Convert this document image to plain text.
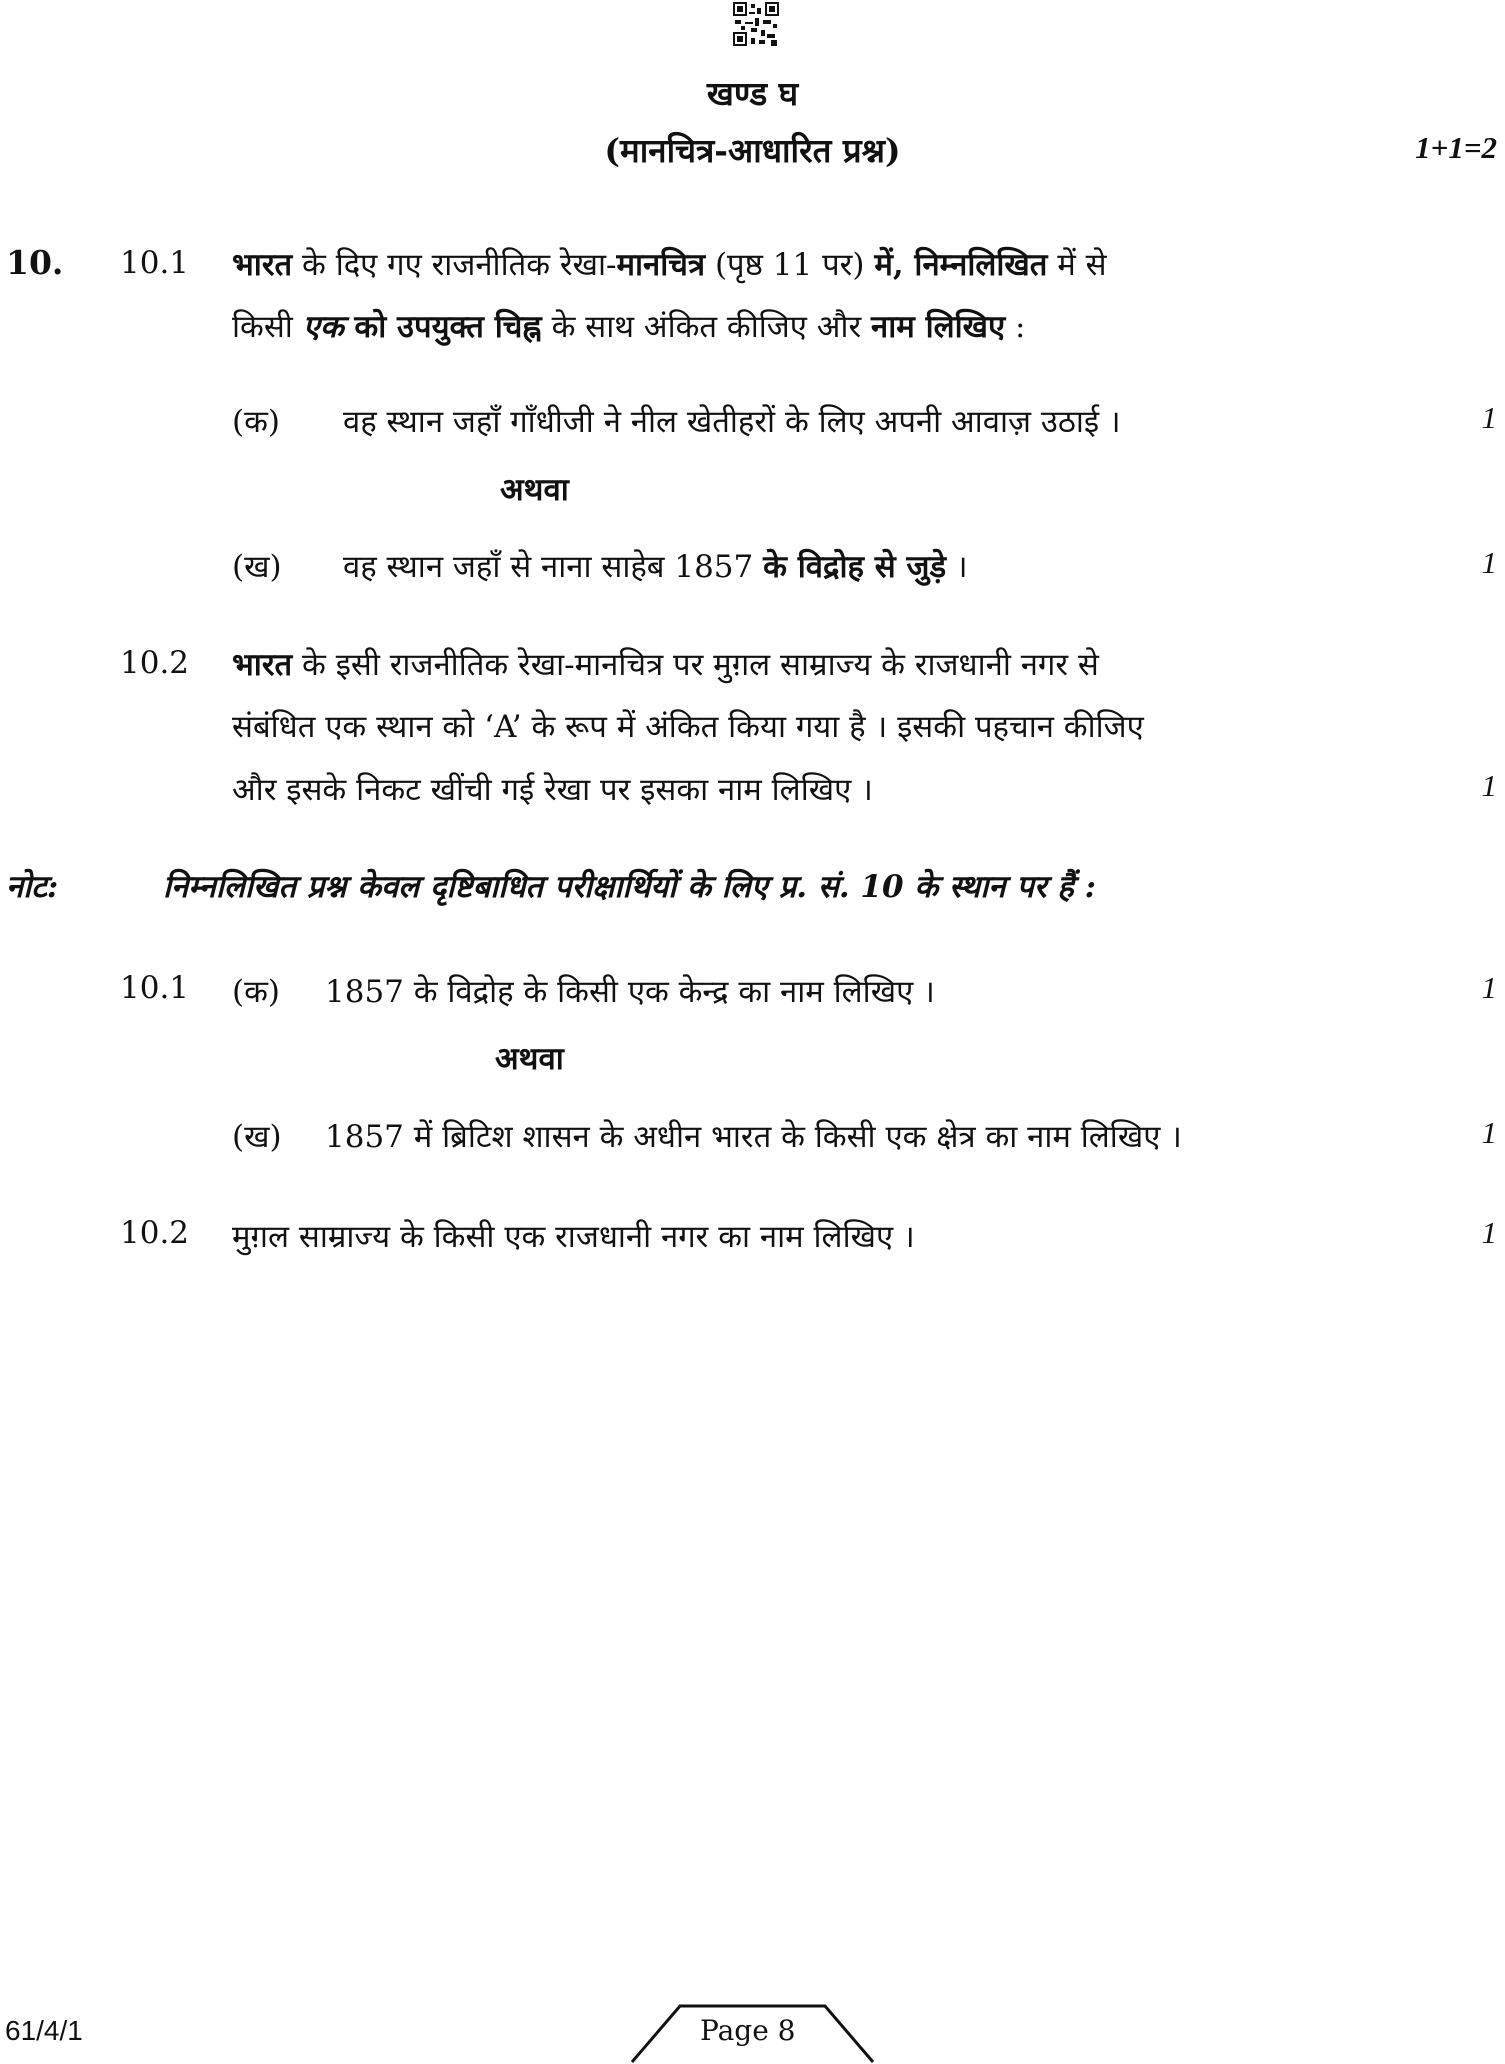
खण्ड घ
(मानचित्र-आधारित प्रश्न)	1+1=2
10. 10.1 भारत के दिए गए राजनीतिक रेखा-मानचित्र (पृष्ठ 11 पर) में, निम्नलिखित में से
किसी एक को उपयुक्त चिह्न के साथ अंकित कीजिए और नाम लिखिए :
(क) वह स्थान जहाँ गाँधीजी ने नील खेतीहरों के लिए अपनी आवाज़ उठाई ।	1
अथवा
(ख) वह स्थान जहाँ से नाना साहेब 1857 के विद्रोह से जुड़े ।	1
10.2 भारत के इसी राजनीतिक रेखा-मानचित्र पर मुग़ल साम्राज्य के राजधानी नगर से
संबंधित एक स्थान को ‘A’ के रूप में अंकित किया गया है । इसकी पहचान कीजिए
और इसके निकट खींची गई रेखा पर इसका नाम लिखिए ।	1
नोट:	निम्नलिखित प्रश्न केवल दृष्टिबाधित परीक्षार्थियों के लिए प्र. सं. 10 के स्थान पर हैं :
10.1 (क) 1857 के विद्रोह के किसी एक केन्द्र का नाम लिखिए ।	1
अथवा
(ख) 1857 में ब्रिटिश शासन के अधीन भारत के किसी एक क्षेत्र का नाम लिखिए ।	1
10.2 मुग़ल साम्राज्य के किसी एक राजधानी नगर का नाम लिखिए ।	1
61/4/1	Page 8
